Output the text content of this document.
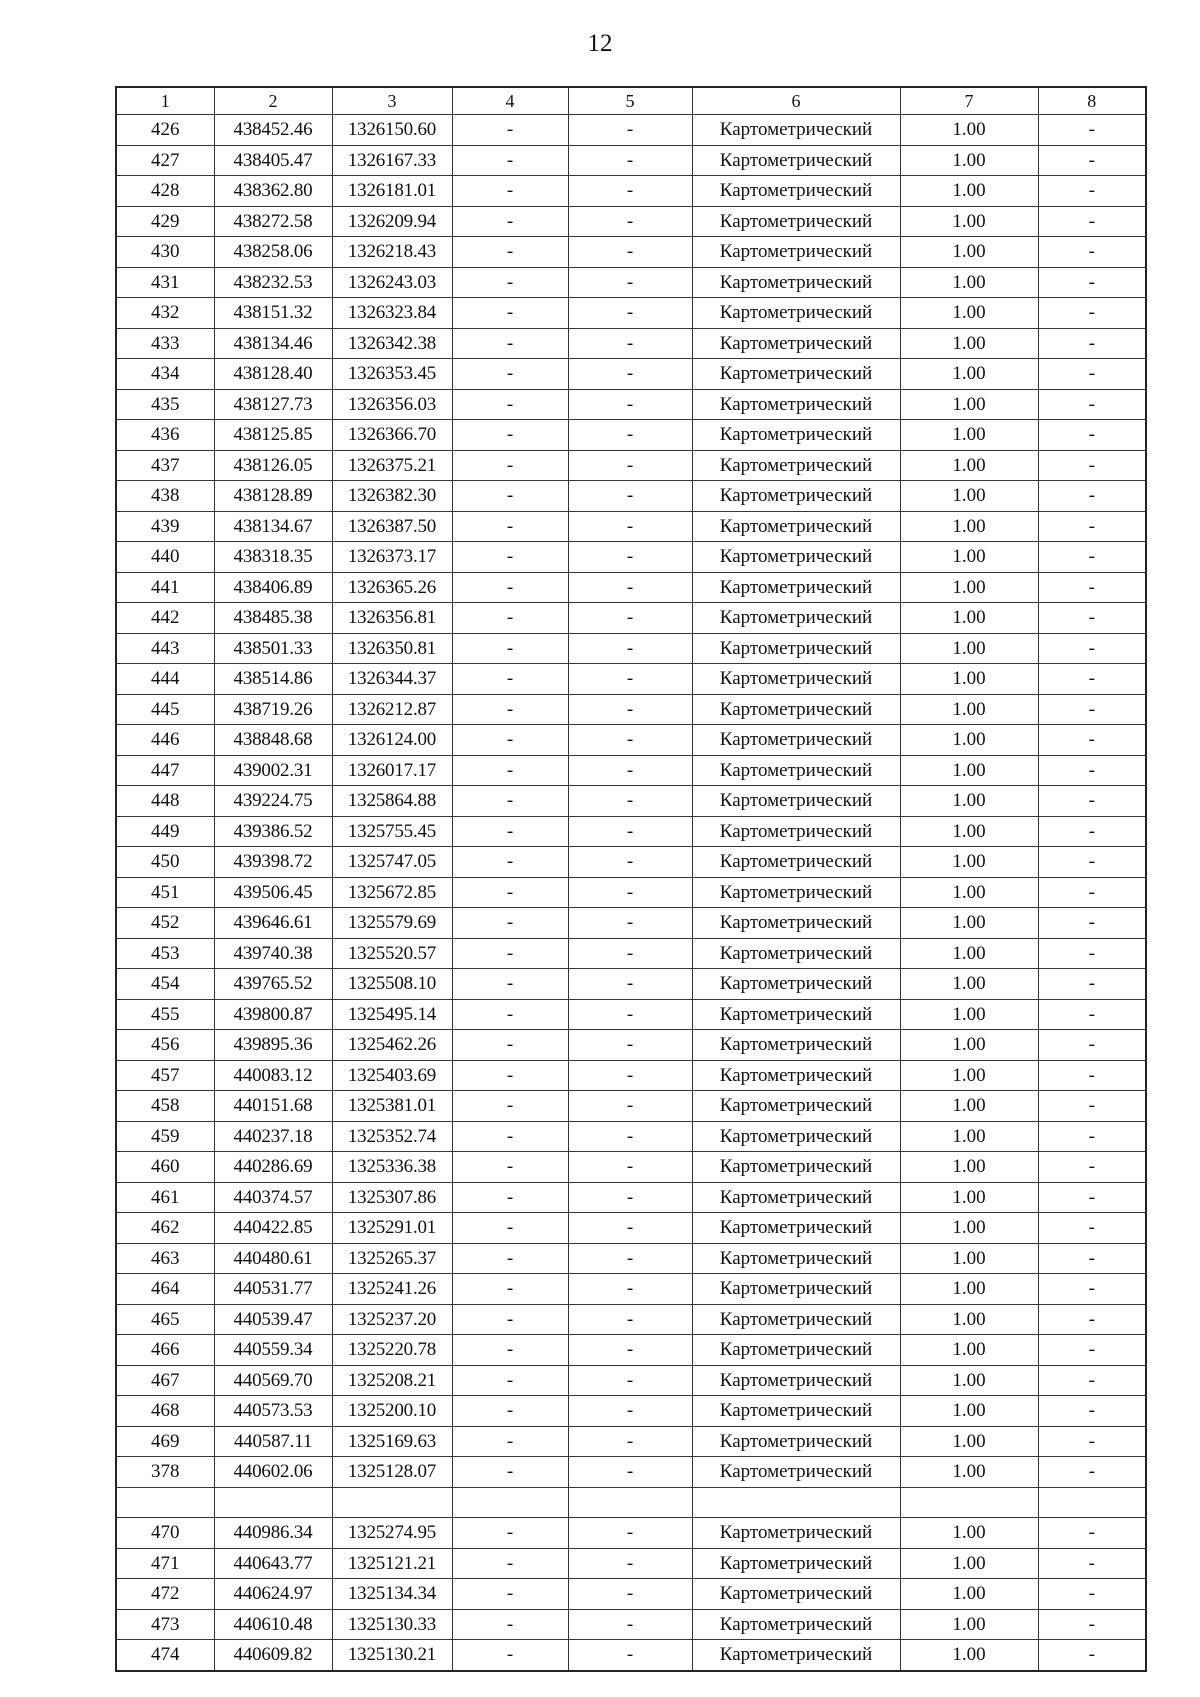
12
1	2	3	4	5	6	7	8
426	438452.46	1326150.60	-	-	Картометрический	1.00	-
427	438405.47	1326167.33	-	-	Картометрический	1.00	-
428	438362.80	1326181.01	-	-	Картометрический	1.00	-
429	438272.58	1326209.94	-	-	Картометрический	1.00	-
430	438258.06	1326218.43	-	-	Картометрический	1.00	-
431	438232.53	1326243.03	-	-	Картометрический	1.00	-
432	438151.32	1326323.84	-	-	Картометрический	1.00	-
433	438134.46	1326342.38	-	-	Картометрический	1.00	-
434	438128.40	1326353.45	-	-	Картометрический	1.00	-
435	438127.73	1326356.03	-	-	Картометрический	1.00	-
436	438125.85	1326366.70	-	-	Картометрический	1.00	-
437	438126.05	1326375.21	-	-	Картометрический	1.00	-
438	438128.89	1326382.30	-	-	Картометрический	1.00	-
439	438134.67	1326387.50	-	-	Картометрический	1.00	-
440	438318.35	1326373.17	-	-	Картометрический	1.00	-
441	438406.89	1326365.26	-	-	Картометрический	1.00	-
442	438485.38	1326356.81	-	-	Картометрический	1.00	-
443	438501.33	1326350.81	-	-	Картометрический	1.00	-
444	438514.86	1326344.37	-	-	Картометрический	1.00	-
445	438719.26	1326212.87	-	-	Картометрический	1.00	-
446	438848.68	1326124.00	-	-	Картометрический	1.00	-
447	439002.31	1326017.17	-	-	Картометрический	1.00	-
448	439224.75	1325864.88	-	-	Картометрический	1.00	-
449	439386.52	1325755.45	-	-	Картометрический	1.00	-
450	439398.72	1325747.05	-	-	Картометрический	1.00	-
451	439506.45	1325672.85	-	-	Картометрический	1.00	-
452	439646.61	1325579.69	-	-	Картометрический	1.00	-
453	439740.38	1325520.57	-	-	Картометрический	1.00	-
454	439765.52	1325508.10	-	-	Картометрический	1.00	-
455	439800.87	1325495.14	-	-	Картометрический	1.00	-
456	439895.36	1325462.26	-	-	Картометрический	1.00	-
457	440083.12	1325403.69	-	-	Картометрический	1.00	-
458	440151.68	1325381.01	-	-	Картометрический	1.00	-
459	440237.18	1325352.74	-	-	Картометрический	1.00	-
460	440286.69	1325336.38	-	-	Картометрический	1.00	-
461	440374.57	1325307.86	-	-	Картометрический	1.00	-
462	440422.85	1325291.01	-	-	Картометрический	1.00	-
463	440480.61	1325265.37	-	-	Картометрический	1.00	-
464	440531.77	1325241.26	-	-	Картометрический	1.00	-
465	440539.47	1325237.20	-	-	Картометрический	1.00	-
466	440559.34	1325220.78	-	-	Картометрический	1.00	-
467	440569.70	1325208.21	-	-	Картометрический	1.00	-
468	440573.53	1325200.10	-	-	Картометрический	1.00	-
469	440587.11	1325169.63	-	-	Картометрический	1.00	-
378	440602.06	1325128.07	-	-	Картометрический	1.00	-

470	440986.34	1325274.95	-	-	Картометрический	1.00	-
471	440643.77	1325121.21	-	-	Картометрический	1.00	-
472	440624.97	1325134.34	-	-	Картометрический	1.00	-
473	440610.48	1325130.33	-	-	Картометрический	1.00	-
474	440609.82	1325130.21	-	-	Картометрический	1.00	-
